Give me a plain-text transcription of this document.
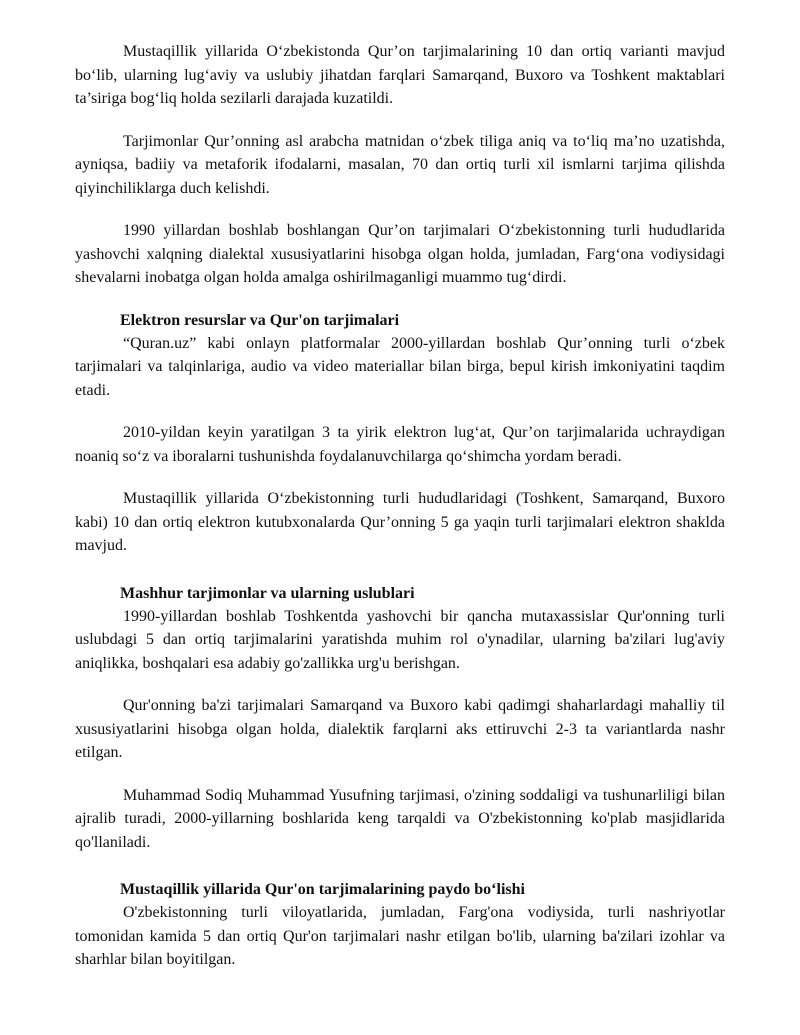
Mustaqillik yillarida O‘zbekistonda Qur’on tarjimalarining 10 dan ortiq varianti mavjud bo‘lib, ularning lug‘aviy va uslubiy jihatdan farqlari Samarqand, Buxoro va Toshkent maktablari ta’siriga bog‘liq holda sezilarli darajada kuzatildi.

Tarjimonlar Qur’onning asl arabcha matnidan o‘zbek tiliga aniq va to‘liq ma’no uzatishda, ayniqsa, badiiy va metaforik ifodalarni, masalan, 70 dan ortiq turli xil ismlarni tarjima qilishda qiyinchiliklarga duch kelishdi.

1990 yillardan boshlab boshlangan Qur’on tarjimalari O‘zbekistonning turli hududlarida yashovchi xalqning dialektal xususiyatlarini hisobga olgan holda, jumladan, Farg‘ona vodiysidagi shevalarni inobatga olgan holda amalga oshirilmaganligi muammo tug‘dirdi.

Elektron resurslar va Qur'on tarjimalari

“Quran.uz” kabi onlayn platformalar 2000-yillardan boshlab Qur’onning turli o‘zbek tarjimalari va talqinlariga, audio va video materiallar bilan birga, bepul kirish imkoniyatini taqdim etadi.

2010-yildan keyin yaratilgan 3 ta yirik elektron lug‘at, Qur’on tarjimalarida uchraydigan noaniq so‘z va iboralarni tushunishda foydalanuvchilarga qo‘shimcha yordam beradi.

Mustaqillik yillarida O‘zbekistonning turli hududlaridagi (Toshkent, Samarqand, Buxoro kabi) 10 dan ortiq elektron kutubxonalarda Qur’onning 5 ga yaqin turli tarjimalari elektron shaklda mavjud.

Mashhur tarjimonlar va ularning uslublari

1990-yillardan boshlab Toshkentda yashovchi bir qancha mutaxassislar Qur'onning turli uslubdagi 5 dan ortiq tarjimalarini yaratishda muhim rol o'ynadilar, ularning ba'zilari lug'aviy aniqlikka, boshqalari esa adabiy go'zallikka urg'u berishgan.

Qur'onning ba'zi tarjimalari Samarqand va Buxoro kabi qadimgi shaharlardagi mahalliy til xususiyatlarini hisobga olgan holda, dialektik farqlarni aks ettiruvchi 2-3 ta variantlarda nashr etilgan.

Muhammad Sodiq Muhammad Yusufning tarjimasi, o'zining soddaligi va tushunarliligi bilan ajralib turadi, 2000-yillarning boshlarida keng tarqaldi va O'zbekistonning ko'plab masjidlarida qo'llaniladi.

Mustaqillik yillarida Qur'on tarjimalarining paydo bo‘lishi

O'zbekistonning turli viloyatlarida, jumladan, Farg'ona vodiysida, turli nashriyotlar tomonidan kamida 5 dan ortiq Qur'on tarjimalari nashr etilgan bo'lib, ularning ba'zilari izohlar va sharhlar bilan boyitilgan.
